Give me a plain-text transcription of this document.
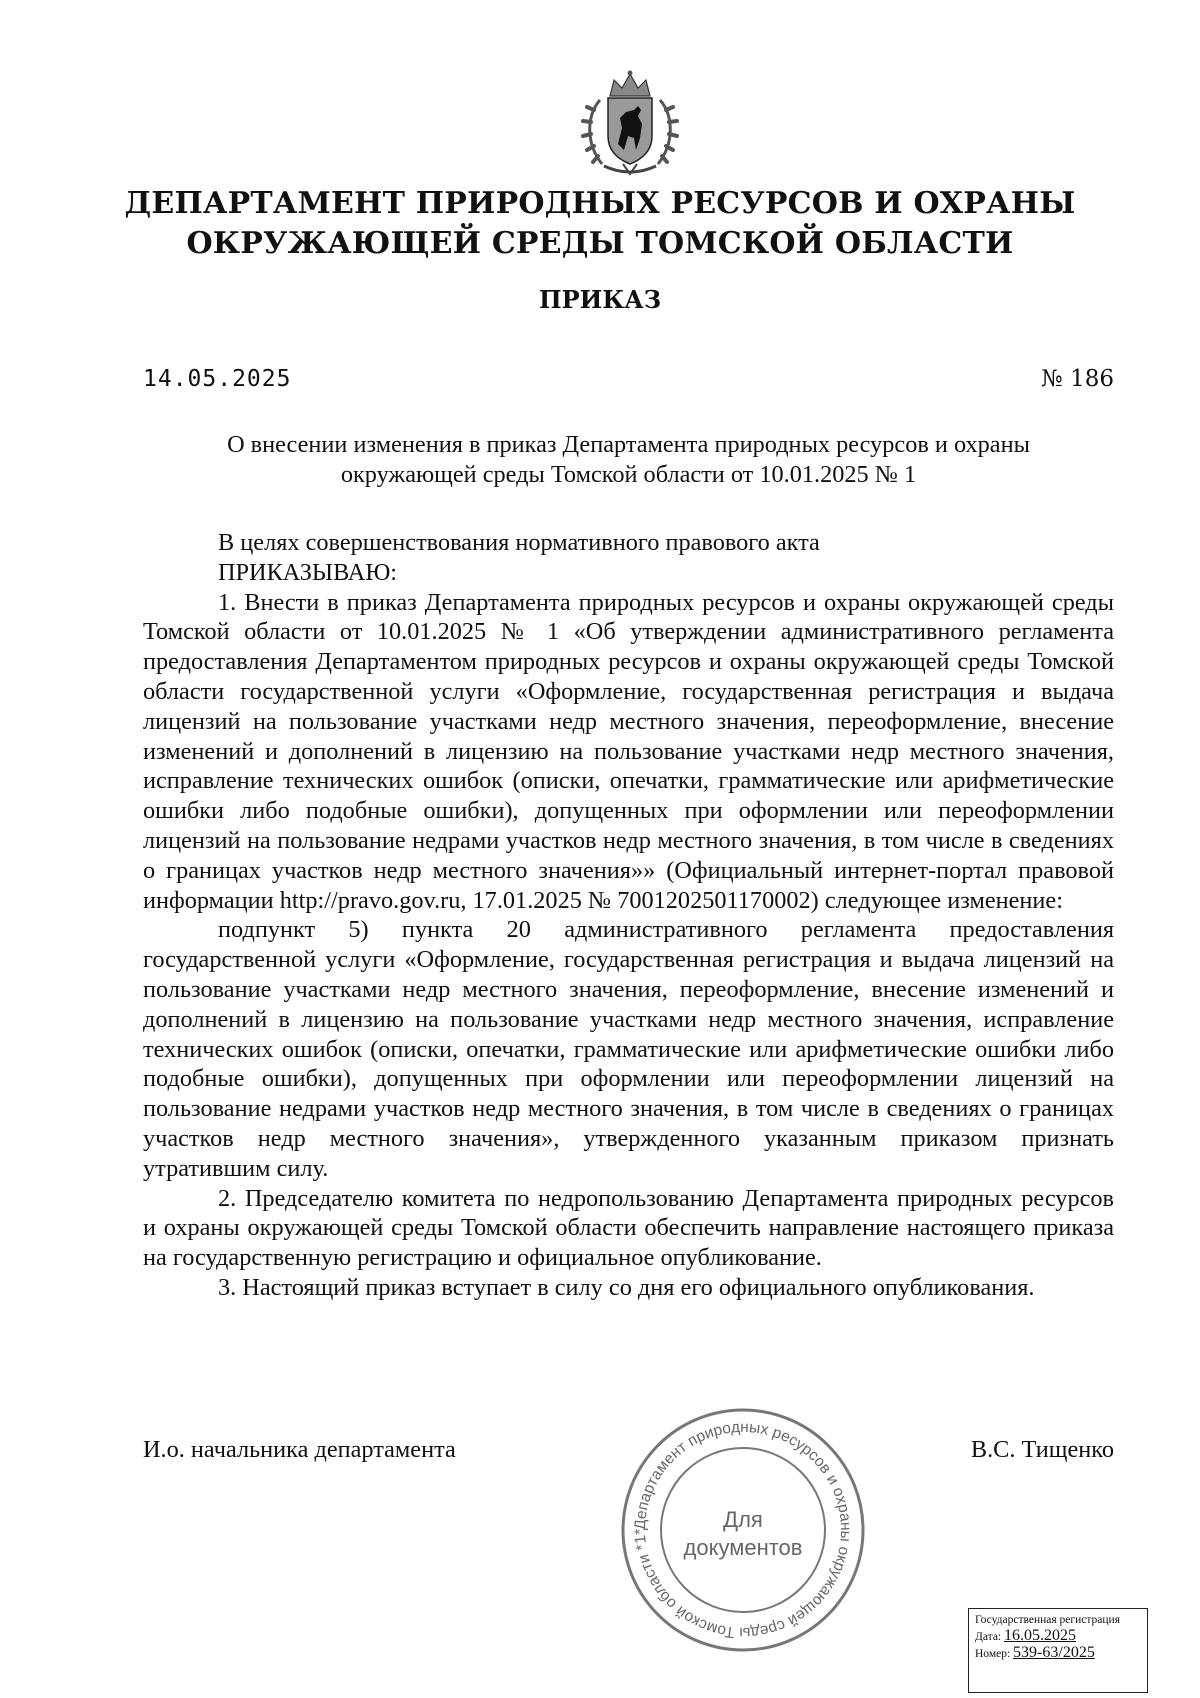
ДЕПАРТАМЕНТ ПРИРОДНЫХ РЕСУРСОВ И ОХРАНЫ
ОКРУЖАЮЩЕЙ СРЕДЫ ТОМСКОЙ ОБЛАСТИ
ПРИКАЗ
14.05.2025	№ 186
О внесении изменения в приказ Департамента природных ресурсов и охраны
окружающей среды Томской области от 10.01.2025 № 1

В целях совершенствования нормативного правового акта

ПРИКАЗЫВАЮ:

1. Внести в приказ Департамента природных ресурсов и охраны окружающей среды Томской области от 10.01.2025 № 1 «Об утверждении административного регламента предоставления Департаментом природных ресурсов и охраны окружающей среды Томской области государственной услуги «Оформление, государственная регистрация и выдача лицензий на пользование участками недр местного значения, переоформление, внесение изменений и дополнений в лицензию на пользование участками недр местного значения, исправление технических ошибок (описки, опечатки, грамматические или арифметические ошибки либо подобные ошибки), допущенных при оформлении или переоформлении лицензий на пользование недрами участков недр местного значения, в том числе в сведениях о границах участков недр местного значения»» (Официальный интернет-портал правовой информации http://pravo.gov.ru, 17.01.2025 № 7001202501170002) следующее изменение:

подпункт 5) пункта 20 административного регламента предоставления государственной услуги «Оформление, государственная регистрация и выдача лицензий на пользование участками недр местного значения, переоформление, внесение изменений и дополнений в лицензию на пользование участками недр местного значения, исправление технических ошибок (описки, опечатки, грамматические или арифметические ошибки либо подобные ошибки), допущенных при оформлении или переоформлении лицензий на пользование недрами участков недр местного значения, в том числе в сведениях о границах участков недр местного значения», утвержденного указанным приказом признать утратившим силу.

2. Председателю комитета по недропользованию Департамента природных ресурсов и охраны окружающей среды Томской области обеспечить направление настоящего приказа на государственную регистрацию и официальное опубликование.

3. Настоящий приказ вступает в силу со дня его официального опубликования.

И.о. начальника департамента	В.С. Тищенко
Департамент природных ресурсов и охраны окружающей среды Томской области *1*	Для
документов
Государственная регистрация
Дата: 16.05.2025
Номер: 539-63/2025
